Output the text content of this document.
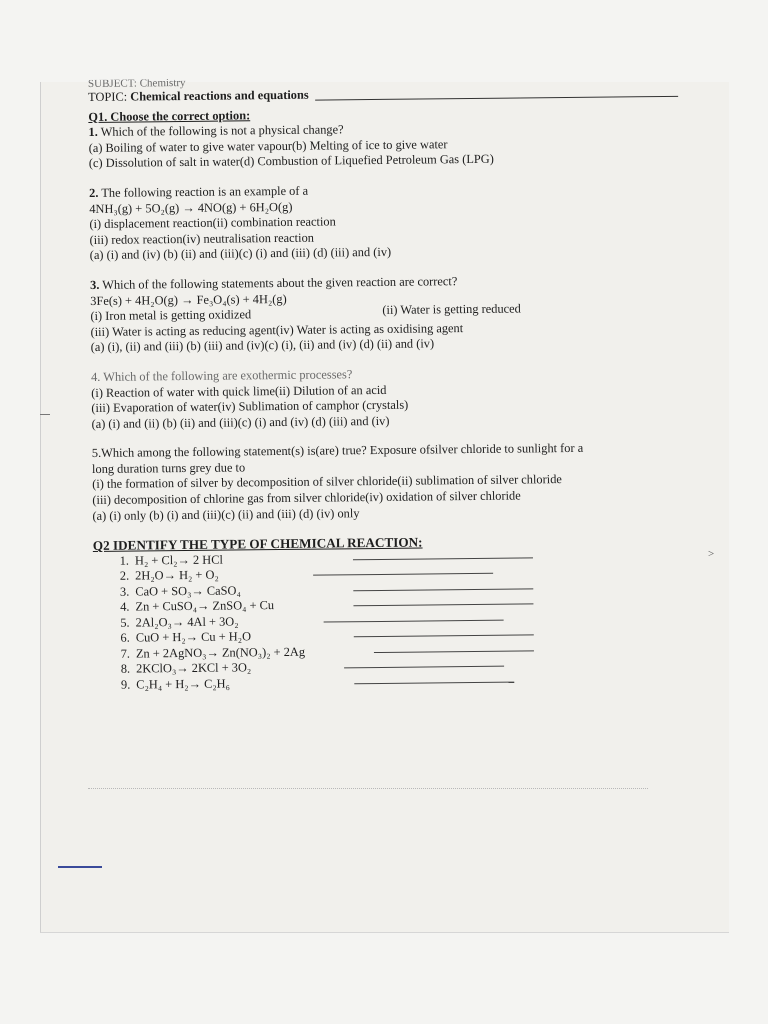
>
SUBJECT: Chemistry
TOPIC:
Chemical reactions and equations
Q1. Choose the correct option:
1. Which of the following is not a physical change?
(a) Boiling of water to give water vapour(b) Melting of ice to give water
(c) Dissolution of salt in water(d) Combustion of Liquefied Petroleum Gas (LPG)
2. The following reaction is an example of a
4NH₃(g) + 5O₂(g) → 4NO(g) + 6H₂O(g)
(i) displacement reaction(ii) combination reaction
(iii) redox reaction(iv) neutralisation reaction
(a) (i) and (iv) (b) (ii) and (iii)(c) (i) and (iii) (d) (iii) and (iv)
3. Which of the following statements about the given reaction are correct?
3Fe(s) + 4H₂O(g) → Fe₃O₄(s) + 4H₂(g)
(i) Iron metal is getting oxidized	(ii) Water is getting reduced
(iii) Water is acting as reducing agent(iv) Water is acting as oxidising agent
(a) (i), (ii) and (iii) (b) (iii) and (iv)(c) (i), (ii) and (iv) (d) (ii) and (iv)
4. Which of the following are exothermic processes?
(i) Reaction of water with quick lime(ii) Dilution of an acid
(iii) Evaporation of water(iv) Sublimation of camphor (crystals)
(a) (i) and (ii) (b) (ii) and (iii)(c) (i) and (iv) (d) (iii) and (iv)
5.Which among the following statement(s) is(are) true? Exposure ofsilver chloride to sunlight for a
long duration turns grey due to
(i) the formation of silver by decomposition of silver chloride(ii) sublimation of silver chloride
(iii) decomposition of chlorine gas from silver chloride(iv) oxidation of silver chloride
(a) (i) only (b) (i) and (iii)(c) (ii) and (iii) (d) (iv) only
Q2 IDENTIFY THE TYPE OF CHEMICAL REACTION:
1. H₂ + Cl₂→ 2 HCl
2. 2H₂O→ H₂ + O₂
3. CaO + SO₃→ CaSO₄
4. Zn + CuSO₄→ ZnSO₄ + Cu
5. 2Al₂O₃→ 4Al + 3O₂
6. CuO + H₂→ Cu + H₂O
7. Zn + 2AgNO₃→ Zn(NO₃)₂ + 2Ag
8. 2KClO₃→ 2KCl + 3O₂
9. C₂H₄ + H₂→ C₂H₆
